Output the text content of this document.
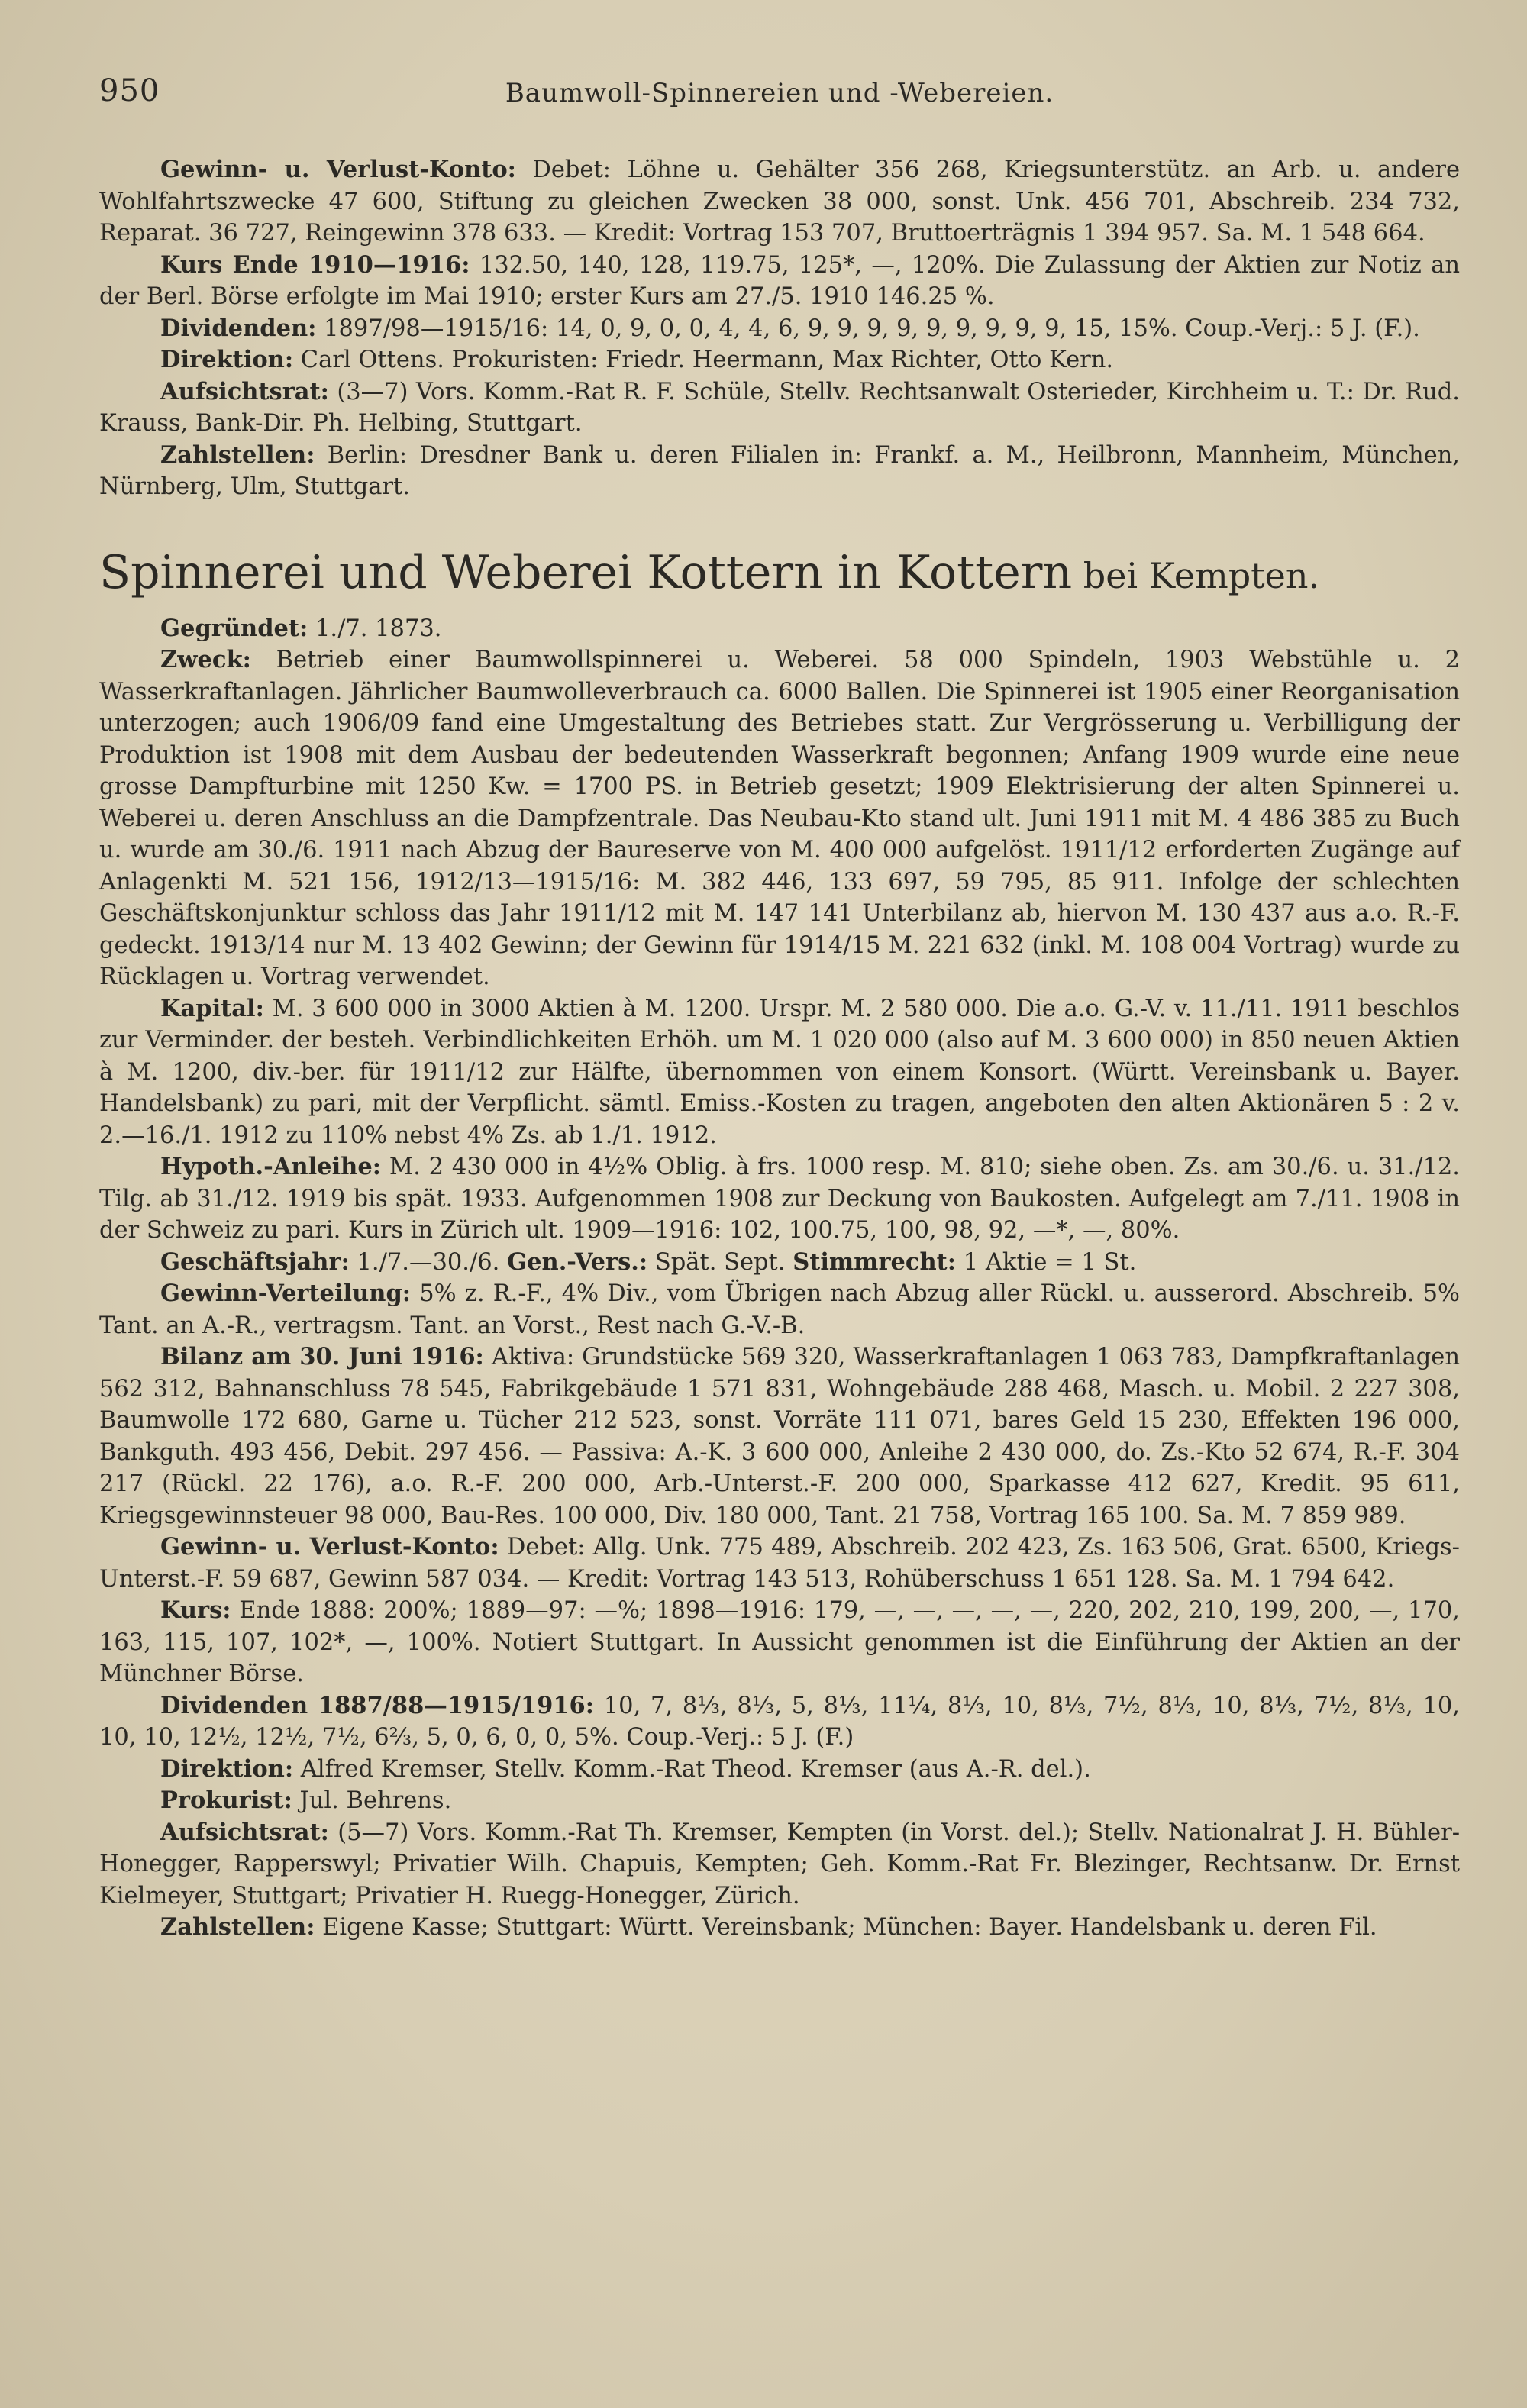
950	Baumwoll-Spinnereien und -Webereien.

Gewinn- u. Verlust-Konto: Debet: Löhne u. Gehälter 356 268, Kriegsunterstütz. an Arb. u. andere Wohlfahrtszwecke 47 600, Stiftung zu gleichen Zwecken 38 000, sonst. Unk. 456 701, Abschreib. 234 732, Reparat. 36 727, Reingewinn 378 633. — Kredit: Vortrag 153 707, Bruttoerträgnis 1 394 957. Sa. M. 1 548 664.

Kurs Ende 1910—1916: 132.50, 140, 128, 119.75, 125*, —, 120%. Die Zulassung der Aktien zur Notiz an der Berl. Börse erfolgte im Mai 1910; erster Kurs am 27./5. 1910 146.25 %.

Dividenden: 1897/98—1915/16: 14, 0, 9, 0, 0, 4, 4, 6, 9, 9, 9, 9, 9, 9, 9, 9, 9, 15, 15%. Coup.-Verj.: 5 J. (F.).

Direktion: Carl Ottens. Prokuristen: Friedr. Heermann, Max Richter, Otto Kern.

Aufsichtsrat: (3—7) Vors. Komm.-Rat R. F. Schüle, Stellv. Rechtsanwalt Osterieder, Kirchheim u. T.: Dr. Rud. Krauss, Bank-Dir. Ph. Helbing, Stuttgart.

Zahlstellen: Berlin: Dresdner Bank u. deren Filialen in: Frankf. a. M., Heilbronn, Mannheim, München, Nürnberg, Ulm, Stuttgart.

Spinnerei und Weberei Kottern in Kottern bei Kempten.

Gegründet: 1./7. 1873.

Zweck: Betrieb einer Baumwollspinnerei u. Weberei. 58 000 Spindeln, 1903 Webstühle u. 2 Wasserkraftanlagen. Jährlicher Baumwolleverbrauch ca. 6000 Ballen. Die Spinnerei ist 1905 einer Reorganisation unterzogen; auch 1906/09 fand eine Umgestaltung des Betriebes statt. Zur Vergrösserung u. Verbilligung der Produktion ist 1908 mit dem Ausbau der bedeutenden Wasserkraft begonnen; Anfang 1909 wurde eine neue grosse Dampfturbine mit 1250 Kw. = 1700 PS. in Betrieb gesetzt; 1909 Elektrisierung der alten Spinnerei u. Weberei u. deren Anschluss an die Dampfzentrale. Das Neubau-Kto stand ult. Juni 1911 mit M. 4 486 385 zu Buch u. wurde am 30./6. 1911 nach Abzug der Baureserve von M. 400 000 aufgelöst. 1911/12 erforderten Zugänge auf Anlagenkti M. 521 156, 1912/13—1915/16: M. 382 446, 133 697, 59 795, 85 911. Infolge der schlechten Geschäftskonjunktur schloss das Jahr 1911/12 mit M. 147 141 Unterbilanz ab, hiervon M. 130 437 aus a.o. R.-F. gedeckt. 1913/14 nur M. 13 402 Gewinn; der Gewinn für 1914/15 M. 221 632 (inkl. M. 108 004 Vortrag) wurde zu Rücklagen u. Vortrag verwendet.

Kapital: M. 3 600 000 in 3000 Aktien à M. 1200. Urspr. M. 2 580 000. Die a.o. G.-V. v. 11./11. 1911 beschlos zur Verminder. der besteh. Verbindlichkeiten Erhöh. um M. 1 020 000 (also auf M. 3 600 000) in 850 neuen Aktien à M. 1200, div.-ber. für 1911/12 zur Hälfte, übernommen von einem Konsort. (Württ. Vereinsbank u. Bayer. Handelsbank) zu pari, mit der Verpflicht. sämtl. Emiss.-Kosten zu tragen, angeboten den alten Aktionären 5 : 2 v. 2.—16./1. 1912 zu 110% nebst 4% Zs. ab 1./1. 1912.

Hypoth.-Anleihe: M. 2 430 000 in 4½% Oblig. à frs. 1000 resp. M. 810; siehe oben. Zs. am 30./6. u. 31./12. Tilg. ab 31./12. 1919 bis spät. 1933. Aufgenommen 1908 zur Deckung von Baukosten. Aufgelegt am 7./11. 1908 in der Schweiz zu pari. Kurs in Zürich ult. 1909—1916: 102, 100.75, 100, 98, 92, —*, —, 80%.

Geschäftsjahr: 1./7.—30./6. Gen.-Vers.: Spät. Sept. Stimmrecht: 1 Aktie = 1 St.

Gewinn-Verteilung: 5% z. R.-F., 4% Div., vom Übrigen nach Abzug aller Rückl. u. ausserord. Abschreib. 5% Tant. an A.-R., vertragsm. Tant. an Vorst., Rest nach G.-V.-B.

Bilanz am 30. Juni 1916: Aktiva: Grundstücke 569 320, Wasserkraftanlagen 1 063 783, Dampfkraftanlagen 562 312, Bahnanschluss 78 545, Fabrikgebäude 1 571 831, Wohngebäude 288 468, Masch. u. Mobil. 2 227 308, Baumwolle 172 680, Garne u. Tücher 212 523, sonst. Vorräte 111 071, bares Geld 15 230, Effekten 196 000, Bankguth. 493 456, Debit. 297 456. — Passiva: A.-K. 3 600 000, Anleihe 2 430 000, do. Zs.-Kto 52 674, R.-F. 304 217 (Rückl. 22 176), a.o. R.-F. 200 000, Arb.-Unterst.-F. 200 000, Sparkasse 412 627, Kredit. 95 611, Kriegsgewinnsteuer 98 000, Bau-Res. 100 000, Div. 180 000, Tant. 21 758, Vortrag 165 100. Sa. M. 7 859 989.

Gewinn- u. Verlust-Konto: Debet: Allg. Unk. 775 489, Abschreib. 202 423, Zs. 163 506, Grat. 6500, Kriegs-Unterst.-F. 59 687, Gewinn 587 034. — Kredit: Vortrag 143 513, Rohüberschuss 1 651 128. Sa. M. 1 794 642.

Kurs: Ende 1888: 200%; 1889—97: —%; 1898—1916: 179, —, —, —, —, —, 220, 202, 210, 199, 200, —, 170, 163, 115, 107, 102*, —, 100%. Notiert Stuttgart. In Aussicht genommen ist die Einführung der Aktien an der Münchner Börse.

Dividenden 1887/88—1915/1916: 10, 7, 8⅓, 8⅓, 5, 8⅓, 11¼, 8⅓, 10, 8⅓, 7½, 8⅓, 10, 8⅓, 7½, 8⅓, 10, 10, 10, 12½, 12½, 7½, 6⅔, 5, 0, 6, 0, 0, 5%. Coup.-Verj.: 5 J. (F.)

Direktion: Alfred Kremser, Stellv. Komm.-Rat Theod. Kremser (aus A.-R. del.).

Prokurist: Jul. Behrens.

Aufsichtsrat: (5—7) Vors. Komm.-Rat Th. Kremser, Kempten (in Vorst. del.); Stellv. Nationalrat J. H. Bühler-Honegger, Rapperswyl; Privatier Wilh. Chapuis, Kempten; Geh. Komm.-Rat Fr. Blezinger, Rechtsanw. Dr. Ernst Kielmeyer, Stuttgart; Privatier H. Ruegg-Honegger, Zürich.

Zahlstellen: Eigene Kasse; Stuttgart: Württ. Vereinsbank; München: Bayer. Handelsbank u. deren Fil.
